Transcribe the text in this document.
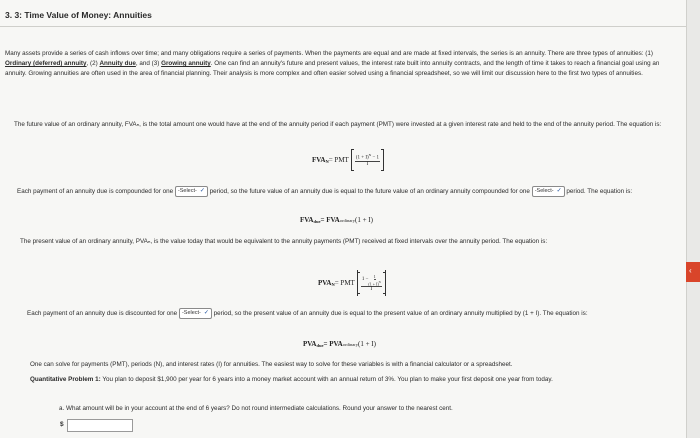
3. 3: Time Value of Money: Annuities
Many assets provide a series of cash inflows over time; and many obligations require a series of payments. When the payments are equal and are made at fixed intervals, the series is an annuity. There are three types of annuities: (1) Ordinary (deferred) annuity, (2) Annuity due, and (3) Growing annuity. One can find an annuity's future and present values, the interest rate built into annuity contracts, and the length of time it takes to reach a financial goal using an annuity. Growing annuities are often used in the area of financial planning. Their analysis is more complex and often easier solved using a financial spreadsheet, so we will limit our discussion here to the first two types of annuities.
The future value of an ordinary annuity, FVAₙ, is the total amount one would have at the end of the annuity period if each payment (PMT) were invested at a given interest rate and held to the end of the annuity period. The equation is:
$FVA_N$ = PMT $\frac{(1 + I)^N - 1}{I}$
Each payment of an annuity due is compounded for one -Select- ✓ period, so the future value of an annuity due is equal to the future value of an ordinary annuity compounded for one -Select- ✓ period. The equation is:
$FVA_{due}$ = FVA ordinary (1 + I)
The present value of an ordinary annuity, PVAₙ, is the value today that would be equivalent to the annuity payments (PMT) received at fixed intervals over the annuity period. The equation is:
$PVA_N$ = PMT $\frac{1 - \frac{1}{(1 + I)^N}}{I}$
Each payment of an annuity due is discounted for one -Select- ✓ period, so the present value of an annuity due is equal to the present value of an ordinary annuity multiplied by (1 + I). The equation is:
$PVA_{due}$ = PVA ordinary (1 + I)
One can solve for payments (PMT), periods (N), and interest rates (I) for annuities. The easiest way to solve for these variables is with a financial calculator or a spreadsheet.
Quantitative Problem 1: You plan to deposit $1,900 per year for 6 years into a money market account with an annual return of 3%. You plan to make your first deposit one year from today.
a. What amount will be in your account at the end of 6 years? Do not round intermediate calculations. Round your answer to the nearest cent.
$
‹
